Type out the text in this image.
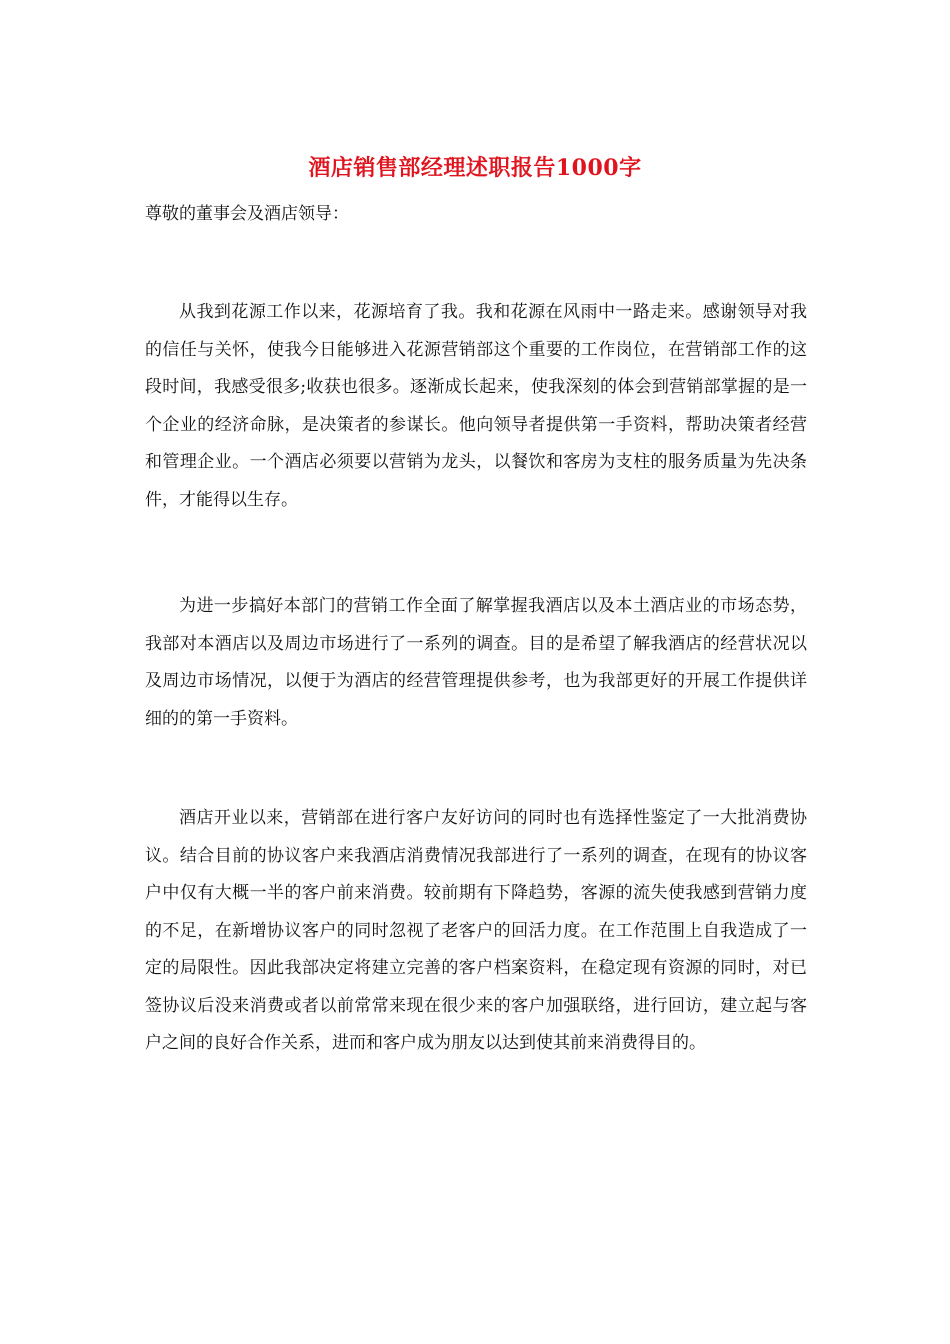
酒店销售部经理述职报告1000字
尊敬的董事会及酒店领导：

从我到花源工作以来，花源培育了我。我和花源在风雨中一路走来。感谢领导对我的信任与关怀，使我今日能够进入花源营销部这个重要的工作岗位，在营销部工作的这段时间，我感受很多;收获也很多。逐渐成长起来，使我深刻的体会到营销部掌握的是一个企业的经济命脉，是决策者的参谋长。他向领导者提供第一手资料，帮助决策者经营和管理企业。一个酒店必须要以营销为龙头，以餐饮和客房为支柱的服务质量为先决条件，才能得以生存。

为进一步搞好本部门的营销工作全面了解掌握我酒店以及本土酒店业的市场态势，我部对本酒店以及周边市场进行了一系列的调查。目的是希望了解我酒店的经营状况以及周边市场情况，以便于为酒店的经营管理提供参考，也为我部更好的开展工作提供详细的的第一手资料。

酒店开业以来，营销部在进行客户友好访问的同时也有选择性鉴定了一大批消费协议。结合目前的协议客户来我酒店消费情况我部进行了一系列的调查，在现有的协议客户中仅有大概一半的客户前来消费。较前期有下降趋势，客源的流失使我感到营销力度的不足，在新增协议客户的同时忽视了老客户的回活力度。在工作范围上自我造成了一定的局限性。因此我部决定将建立完善的客户档案资料，在稳定现有资源的同时，对已签协议后没来消费或者以前常常来现在很少来的客户加强联络，进行回访，建立起与客户之间的良好合作关系，进而和客户成为朋友以达到使其前来消费得目的。
